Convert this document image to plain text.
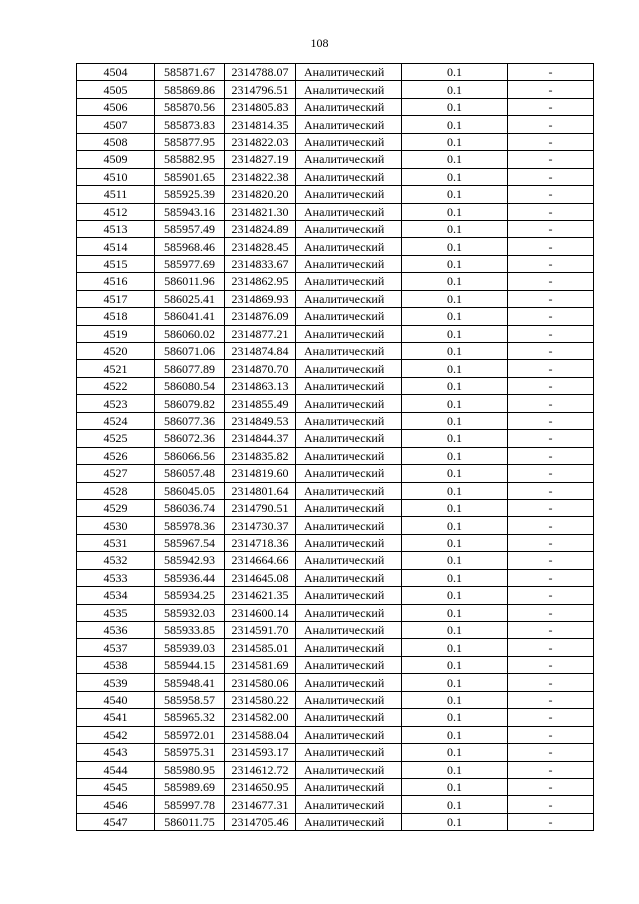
108
4504	585871.67	2314788.07	Аналитический	0.1	-
4505	585869.86	2314796.51	Аналитический	0.1	-
4506	585870.56	2314805.83	Аналитический	0.1	-
4507	585873.83	2314814.35	Аналитический	0.1	-
4508	585877.95	2314822.03	Аналитический	0.1	-
4509	585882.95	2314827.19	Аналитический	0.1	-
4510	585901.65	2314822.38	Аналитический	0.1	-
4511	585925.39	2314820.20	Аналитический	0.1	-
4512	585943.16	2314821.30	Аналитический	0.1	-
4513	585957.49	2314824.89	Аналитический	0.1	-
4514	585968.46	2314828.45	Аналитический	0.1	-
4515	585977.69	2314833.67	Аналитический	0.1	-
4516	586011.96	2314862.95	Аналитический	0.1	-
4517	586025.41	2314869.93	Аналитический	0.1	-
4518	586041.41	2314876.09	Аналитический	0.1	-
4519	586060.02	2314877.21	Аналитический	0.1	-
4520	586071.06	2314874.84	Аналитический	0.1	-
4521	586077.89	2314870.70	Аналитический	0.1	-
4522	586080.54	2314863.13	Аналитический	0.1	-
4523	586079.82	2314855.49	Аналитический	0.1	-
4524	586077.36	2314849.53	Аналитический	0.1	-
4525	586072.36	2314844.37	Аналитический	0.1	-
4526	586066.56	2314835.82	Аналитический	0.1	-
4527	586057.48	2314819.60	Аналитический	0.1	-
4528	586045.05	2314801.64	Аналитический	0.1	-
4529	586036.74	2314790.51	Аналитический	0.1	-
4530	585978.36	2314730.37	Аналитический	0.1	-
4531	585967.54	2314718.36	Аналитический	0.1	-
4532	585942.93	2314664.66	Аналитический	0.1	-
4533	585936.44	2314645.08	Аналитический	0.1	-
4534	585934.25	2314621.35	Аналитический	0.1	-
4535	585932.03	2314600.14	Аналитический	0.1	-
4536	585933.85	2314591.70	Аналитический	0.1	-
4537	585939.03	2314585.01	Аналитический	0.1	-
4538	585944.15	2314581.69	Аналитический	0.1	-
4539	585948.41	2314580.06	Аналитический	0.1	-
4540	585958.57	2314580.22	Аналитический	0.1	-
4541	585965.32	2314582.00	Аналитический	0.1	-
4542	585972.01	2314588.04	Аналитический	0.1	-
4543	585975.31	2314593.17	Аналитический	0.1	-
4544	585980.95	2314612.72	Аналитический	0.1	-
4545	585989.69	2314650.95	Аналитический	0.1	-
4546	585997.78	2314677.31	Аналитический	0.1	-
4547	586011.75	2314705.46	Аналитический	0.1	-
